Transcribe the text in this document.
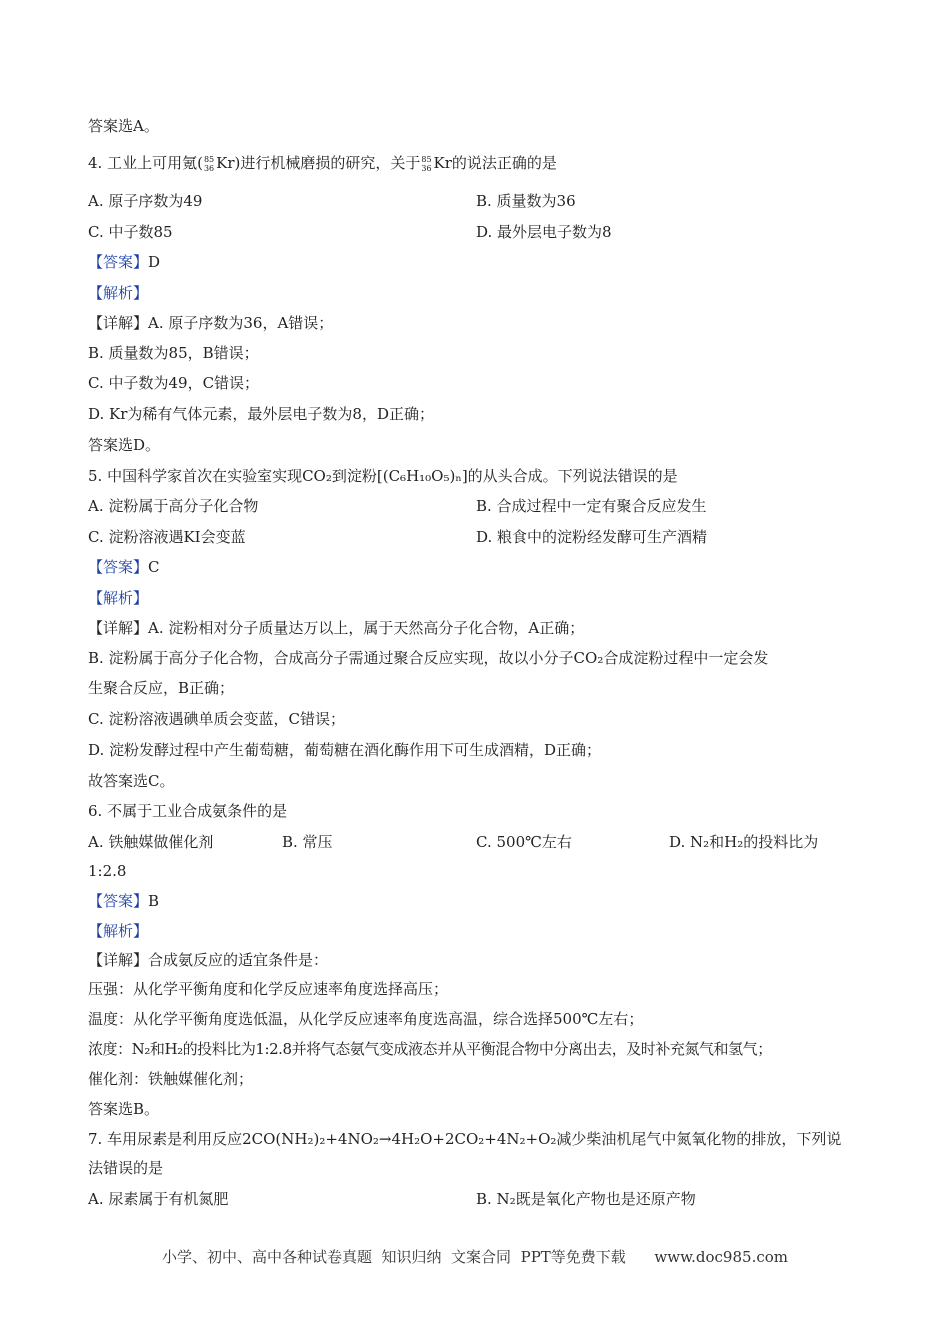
答案选A。
4. 工业上可用氪( 85
36 Kr)进行机械磨损的研究，关于 85
36 Kr的说法正确的是
A. 原子序数为49	B. 质量数为36
C. 中子数85	D. 最外层电子数为8
【答案】D
【解析】
【详解】A. 原子序数为36，A错误；
B. 质量数为85，B错误；
C. 中子数为49，C错误；
D. Kr为稀有气体元素，最外层电子数为8，D正确；
答案选D。
5. 中国科学家首次在实验室实现CO₂到淀粉[(C₆H₁₀O₅)ₙ]的从头合成。下列说法错误的是
A. 淀粉属于高分子化合物	B. 合成过程中一定有聚合反应发生
C. 淀粉溶液遇KI会变蓝	D. 粮食中的淀粉经发酵可生产酒精
【答案】C
【解析】
【详解】A. 淀粉相对分子质量达万以上，属于天然高分子化合物，A正确；
B. 淀粉属于高分子化合物，合成高分子需通过聚合反应实现，故以小分子CO₂合成淀粉过程中一定会发
生聚合反应，B正确；
C. 淀粉溶液遇碘单质会变蓝，C错误；
D. 淀粉发酵过程中产生葡萄糖，葡萄糖在酒化酶作用下可生成酒精，D正确；
故答案选C。
6. 不属于工业合成氨条件的是
A. 铁触媒做催化剂	B. 常压	C. 500℃左右	D. N₂和H₂的投料比为
1:2.8
【答案】B
【解析】
【详解】合成氨反应的适宜条件是：
压强：从化学平衡角度和化学反应速率角度选择高压；
温度：从化学平衡角度选低温，从化学反应速率角度选高温，综合选择500℃左右；
浓度：N₂和H₂的投料比为1:2.8并将气态氨气变成液态并从平衡混合物中分离出去，及时补充氮气和氢气；
催化剂：铁触媒催化剂；
答案选B。
7. 车用尿素是利用反应2CO(NH₂)₂+4NO₂→4H₂O+2CO₂+4N₂+O₂减少柴油机尾气中氮氧化物的排放，下列说
法错误的是
A. 尿素属于有机氮肥	B. N₂既是氧化产物也是还原产物
小学、初中、高中各种试卷真题  知识归纳  文案合同  PPT等免费下载      www.doc985.com
